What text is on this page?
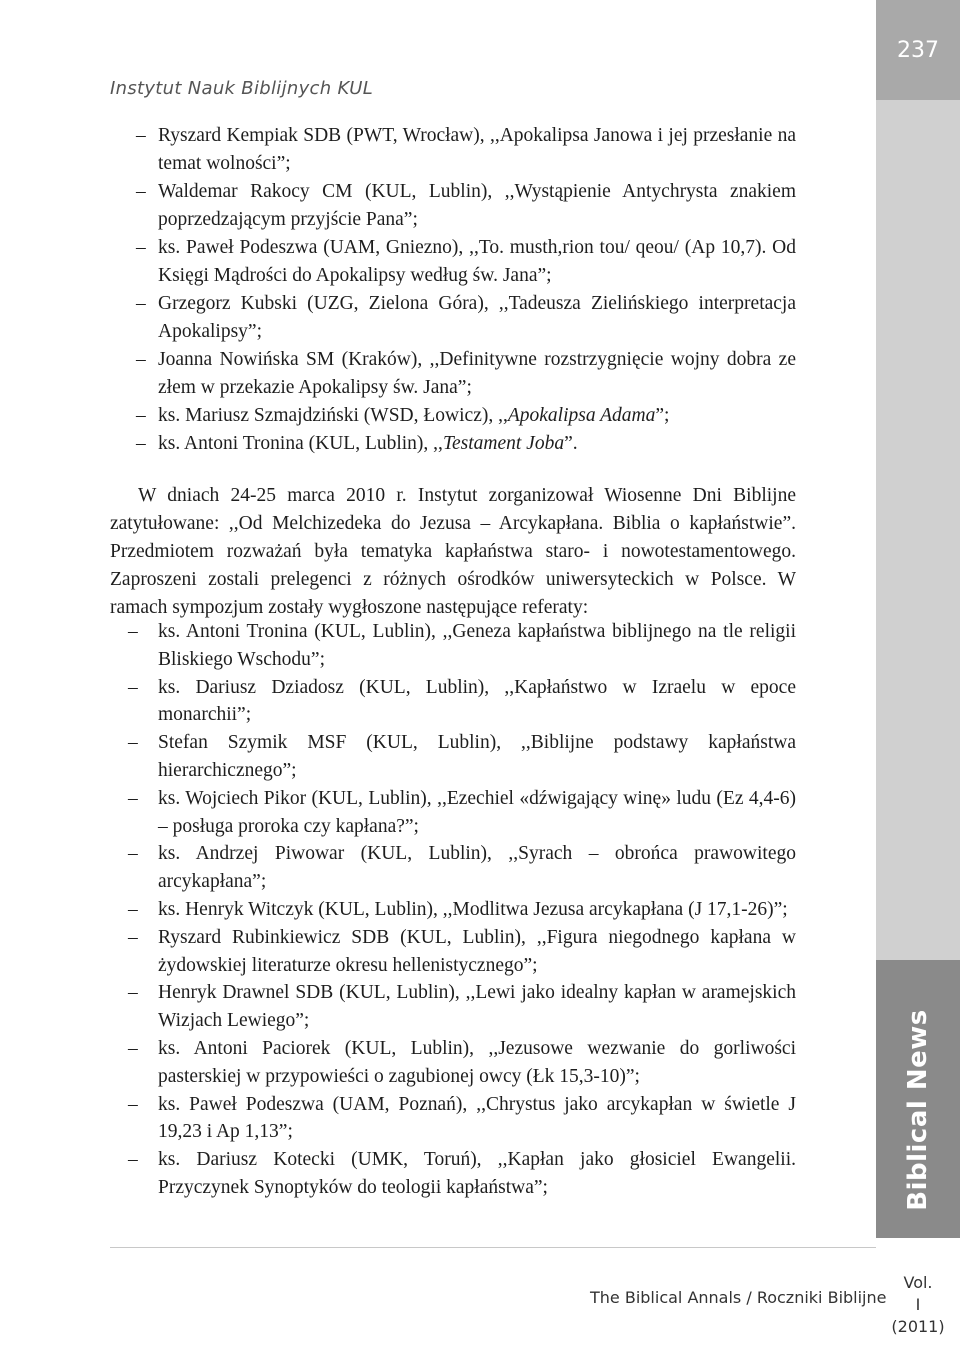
Instytut Nauk Biblijnych KUL
237
Biblical News
– Ryszard Kempiak SDB (PWT, Wrocław), ,,Apokalipsa Janowa i jej przesłanie na temat wolności”;
– Waldemar Rakocy CM (KUL, Lublin), ,,Wystąpienie Antychrysta znakiem poprzedzającym przyjście Pana”;
– ks. Paweł Podeszwa (UAM, Gniezno), ,,To. musth,rion tou/ qeou/ (Ap 10,7). Od Księgi Mądrości do Apokalipsy według św. Jana”;
– Grzegorz Kubski (UZG, Zielona Góra), ,,Tadeusza Zielińskiego interpretacja Apokalipsy”;
– Joanna Nowińska SM (Kraków), ,,Definitywne rozstrzygnięcie wojny dobra ze złem w przekazie Apokalipsy św. Jana”;
– ks. Mariusz Szmajdziński (WSD, Łowicz), ,,Apokalipsa Adama”;
– ks. Antoni Tronina (KUL, Lublin), ,,Testament Joba”.
W dniach 24-25 marca 2010 r. Instytut zorganizował Wiosenne Dni Biblijne zatytułowane: ,,Od Melchizedeka do Jezusa – Arcykapłana. Biblia o kapłaństwie”. Przedmiotem rozważań była tematyka kapłaństwa staro- i nowotestamentowego. Zaproszeni zostali prelegenci z różnych ośrodków uniwersyteckich w Polsce. W ramach sympozjum zostały wygłoszone następujące referaty:
– ks. Antoni Tronina (KUL, Lublin), ,,Geneza kapłaństwa biblijnego na tle religii Bliskiego Wschodu”;
– ks. Dariusz Dziadosz (KUL, Lublin), ,,Kapłaństwo w Izraelu w epoce monarchii”;
– Stefan Szymik MSF (KUL, Lublin), ,,Biblijne podstawy kapłaństwa hierarchicznego”;
– ks. Wojciech Pikor (KUL, Lublin), ,,Ezechiel «dźwigający winę» ludu (Ez 4,4-6) – posługa proroka czy kapłana?”;
– ks. Andrzej Piwowar (KUL, Lublin), ,,Syrach – obrońca prawowitego arcykapłana”;
– ks. Henryk Witczyk (KUL, Lublin), ,,Modlitwa Jezusa arcykapłana (J 17,1-26)”;
– Ryszard Rubinkiewicz SDB (KUL, Lublin), ,,Figura niegodnego kapłana w żydowskiej literaturze okresu hellenistycznego”;
– Henryk Drawnel SDB (KUL, Lublin), ,,Lewi jako idealny kapłan w aramejskich Wizjach Lewiego”;
– ks. Antoni Paciorek (KUL, Lublin), ,,Jezusowe wezwanie do gorliwości pasterskiej w przypowieści o zagubionej owcy (Łk 15,3-10)”;
– ks. Paweł Podeszwa (UAM, Poznań), ,,Chrystus jako arcykapłan w świetle J 19,23 i Ap 1,13”;
– ks. Dariusz Kotecki (UMK, Toruń), ,,Kapłan jako głosiciel Ewangelii. Przyczynek Synoptyków do teologii kapłaństwa”;
The Biblical Annals / Roczniki Biblijne
Vol.
I
(2011)
